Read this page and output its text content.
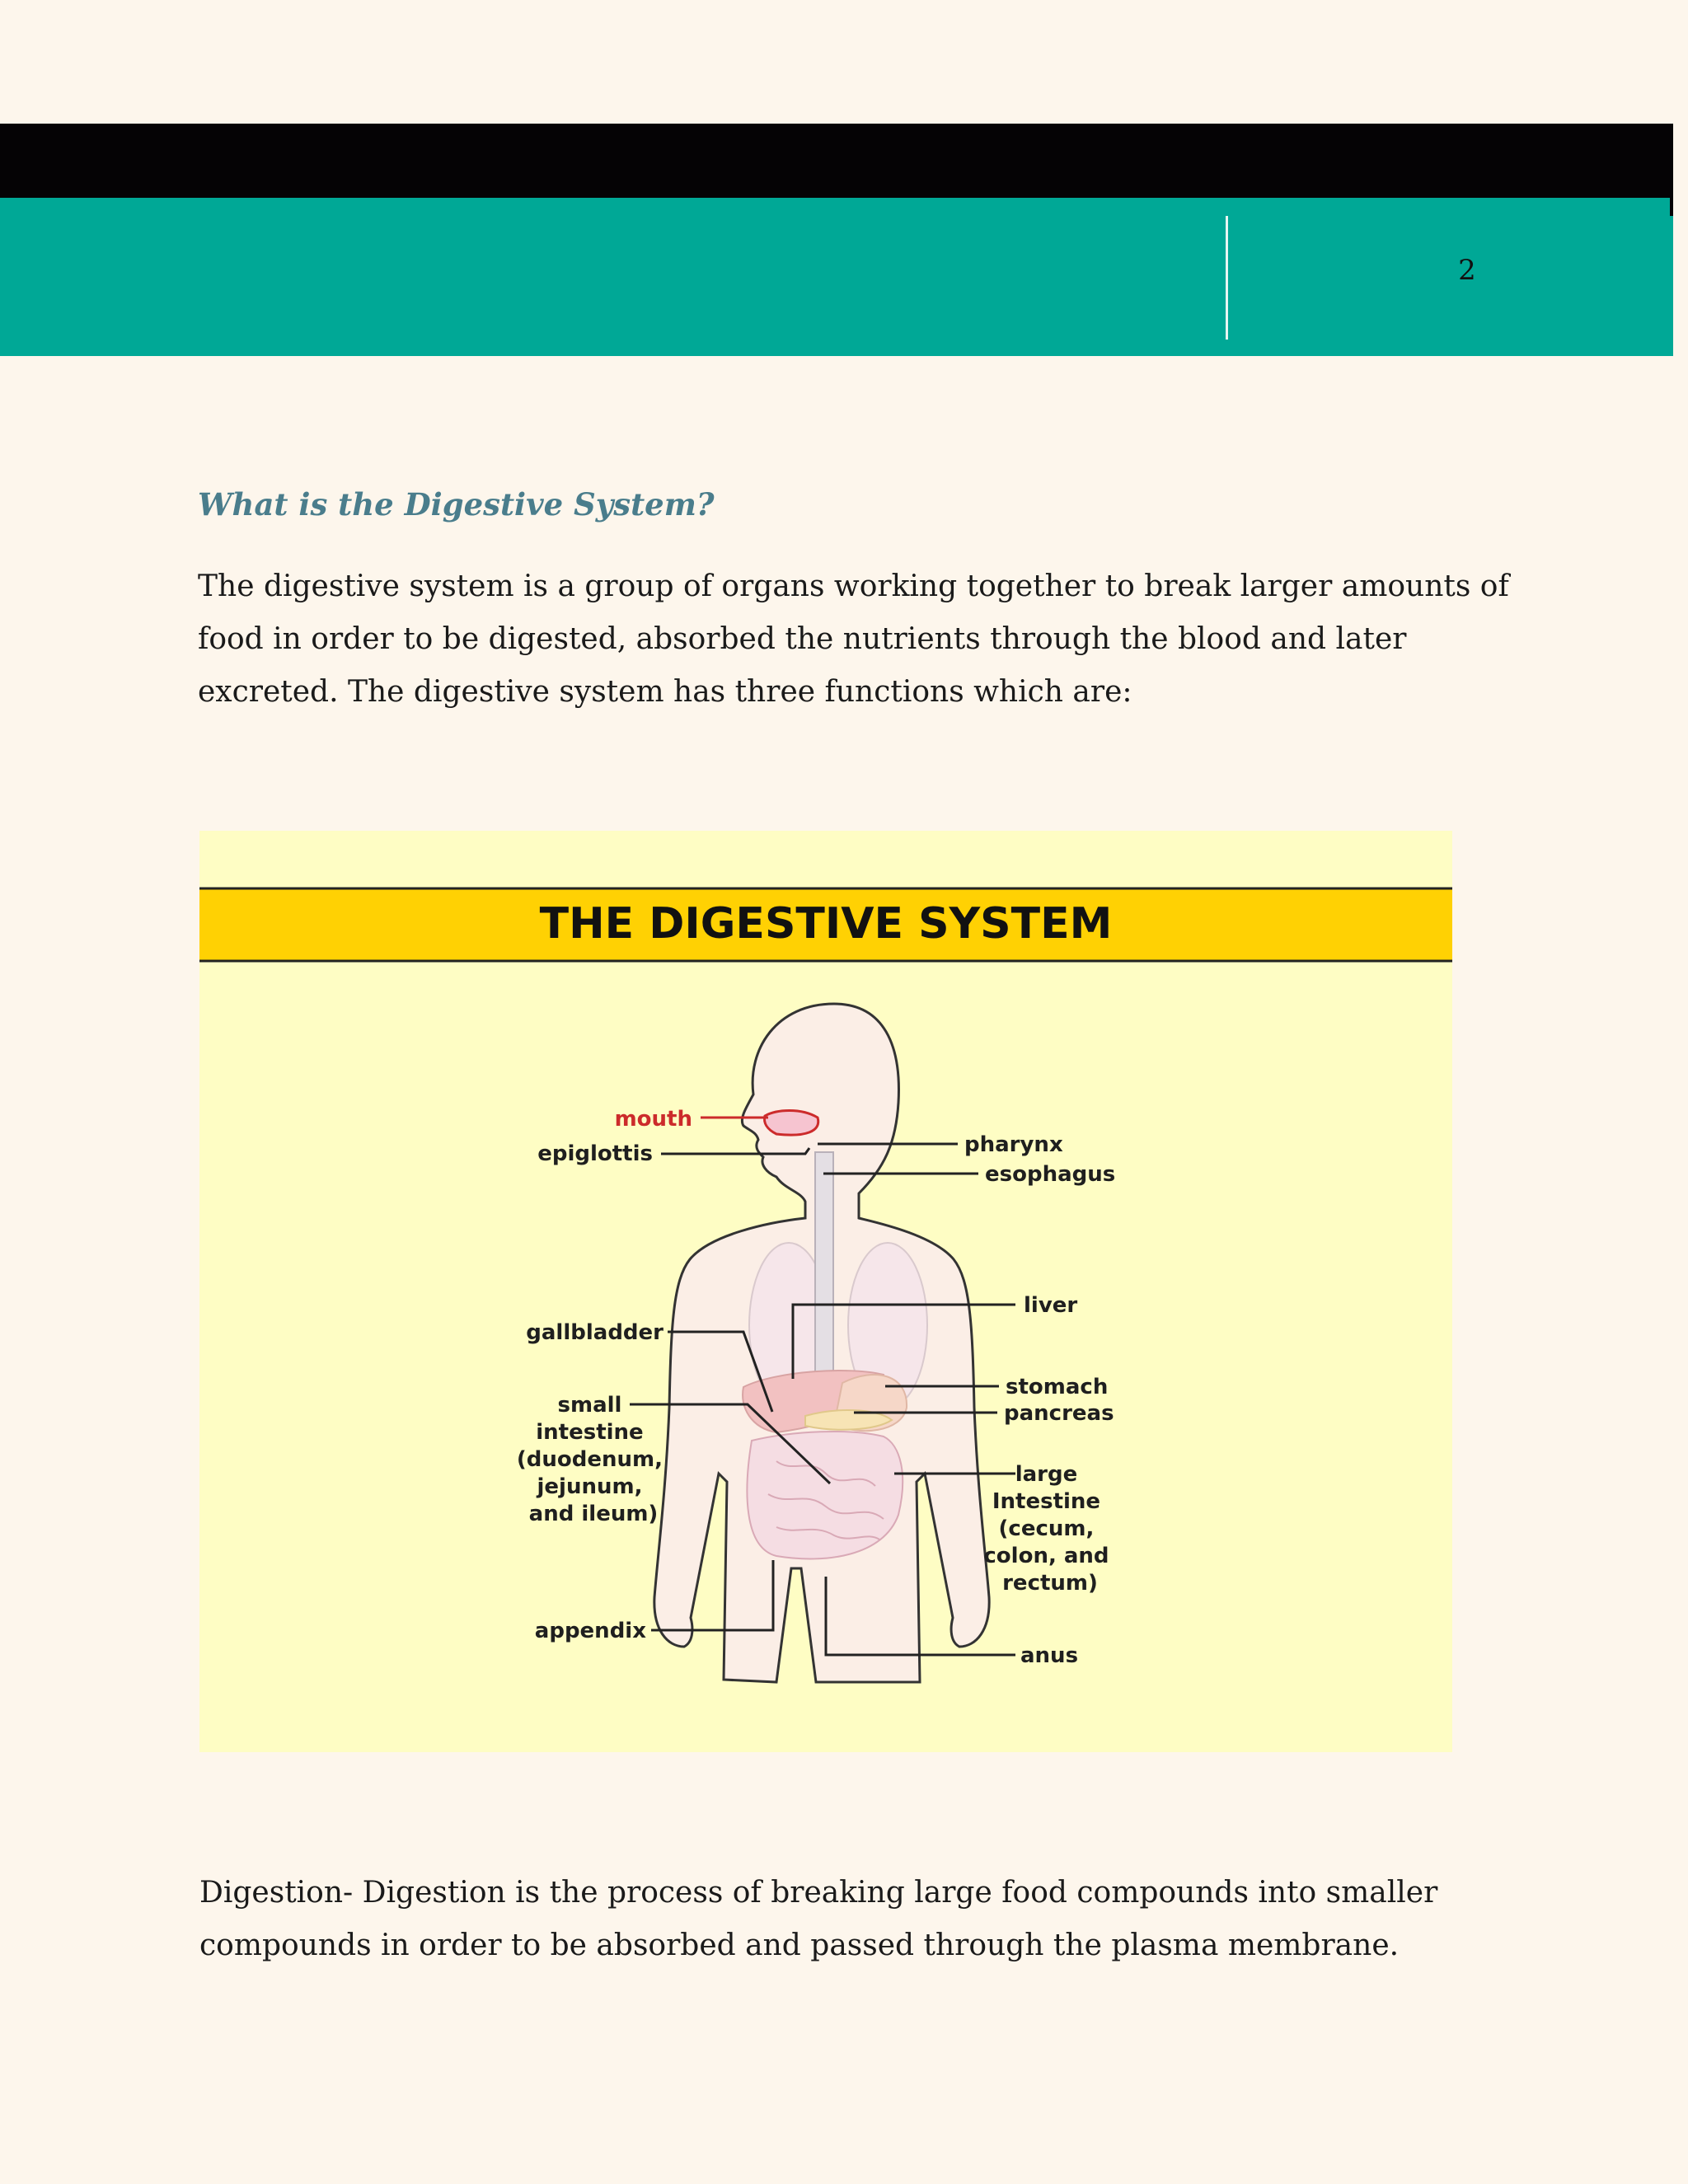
2
What is the Digestive System?

The digestive system is a group of organs working together to break larger amounts of food in order to be digested, absorbed the nutrients through the blood and later excreted. The digestive system has three functions which are:

THE DIGESTIVE SYSTEM
mouth
epiglottis	pharynx
esophagus
liver
gallbladder
stomach
pancreas
small intestine (duodenum, jejunum, and ileum)
large Intestine (cecum, colon, and rectum)
appendix
anus

Digestion- Digestion is the process of breaking large food compounds into smaller compounds in order to be absorbed and passed through the plasma membrane.
